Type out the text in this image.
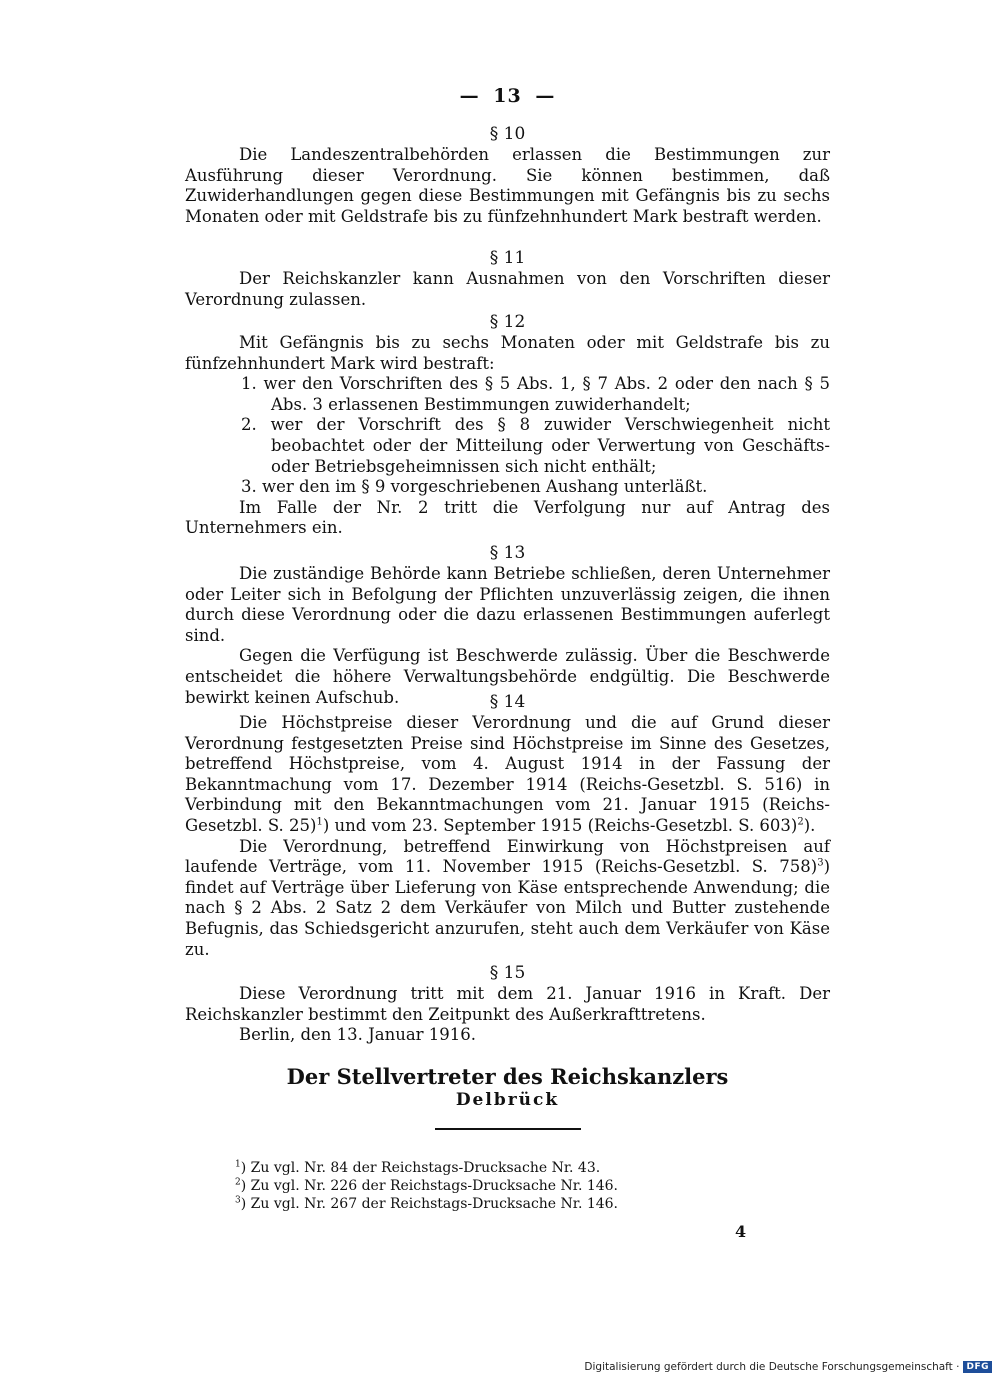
— 13 —
§ 10

Die Landeszentralbehörden erlassen die Bestimmungen zur Ausführung dieser Verordnung. Sie können bestimmen, daß Zuwiderhandlungen gegen diese Bestimmungen mit Gefängnis bis zu sechs Monaten oder mit Geldstrafe bis zu fünfzehnhundert Mark bestraft werden.

§ 11

Der Reichskanzler kann Ausnahmen von den Vorschriften dieser Verordnung zulassen.

§ 12

Mit Gefängnis bis zu sechs Monaten oder mit Geldstrafe bis zu fünfzehnhundert Mark wird bestraft:

1. wer den Vorschriften des § 5 Abs. 1, § 7 Abs. 2 oder den nach § 5 Abs. 3 erlassenen Bestimmungen zuwiderhandelt;

2. wer der Vorschrift des § 8 zuwider Verschwiegenheit nicht beobachtet oder der Mitteilung oder Verwertung von Geschäfts- oder Betriebsgeheimnissen sich nicht enthält;

3. wer den im § 9 vorgeschriebenen Aushang unterläßt.

Im Falle der Nr. 2 tritt die Verfolgung nur auf Antrag des Unternehmers ein.

§ 13

Die zuständige Behörde kann Betriebe schließen, deren Unternehmer oder Leiter sich in Befolgung der Pflichten unzuverlässig zeigen, die ihnen durch diese Verordnung oder die dazu erlassenen Bestimmungen auferlegt sind.

Gegen die Verfügung ist Beschwerde zulässig. Über die Beschwerde entscheidet die höhere Verwaltungsbehörde endgültig. Die Beschwerde bewirkt keinen Aufschub.	§ 14

Die Höchstpreise dieser Verordnung und die auf Grund dieser Verordnung festgesetzten Preise sind Höchstpreise im Sinne des Gesetzes, betreffend Höchstpreise, vom 4. August 1914 in der Fassung der Bekanntmachung vom 17. Dezember 1914 (Reichs-Gesetzbl. S. 516) in Verbindung mit den Bekanntmachungen vom 21. Januar 1915 (Reichs-Gesetzbl. S. 25)$^1$) und vom 23. September 1915 (Reichs-Gesetzbl. S. 603)$^2$).

Die Verordnung, betreffend Einwirkung von Höchstpreisen auf laufende Verträge, vom 11. November 1915 (Reichs-Gesetzbl. S. 758)$^3$) findet auf Verträge über Lieferung von Käse entsprechende Anwendung; die nach § 2 Abs. 2 Satz 2 dem Verkäufer von Milch und Butter zustehende Befugnis, das Schiedsgericht anzurufen, steht auch dem Verkäufer von Käse zu.

§ 15

Diese Verordnung tritt mit dem 21. Januar 1916 in Kraft. Der Reichskanzler bestimmt den Zeitpunkt des Außerkrafttretens.

Berlin, den 13. Januar 1916.

Der Stellvertreter des Reichskanzlers

Delbrück

$^1$) Zu vgl. Nr. 84 der Reichstags-Drucksache Nr. 43.

$^2$) Zu vgl. Nr. 226 der Reichstags-Drucksache Nr. 146.

$^3$) Zu vgl. Nr. 267 der Reichstags-Drucksache Nr. 146.

4
Digitalisierung gefördert durch die Deutsche Forschungsgemeinschaft · DFG
